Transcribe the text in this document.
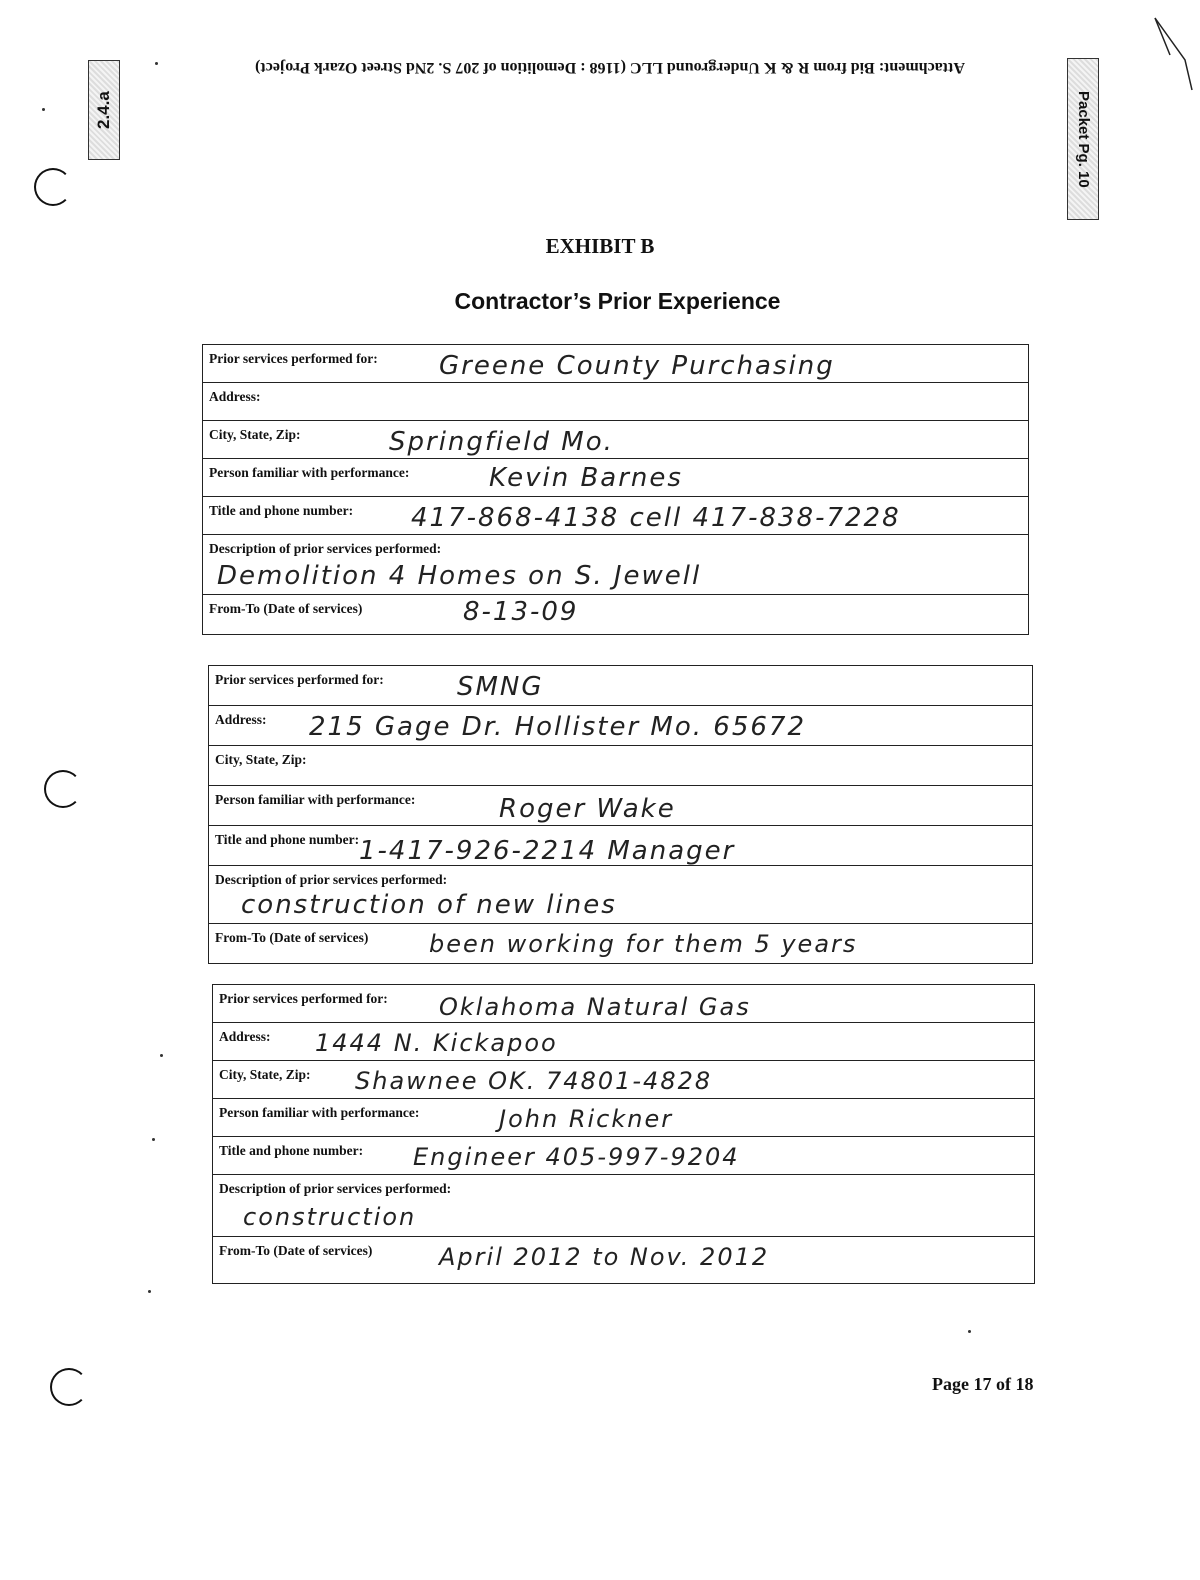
Attachment: Bid from R & K Underground LLC (1168 : Demolition of 207 S. 2Nd Street Ozark Project)
2.4.a	Packet Pg. 10
EXHIBIT B
Contractor’s Prior Experience
Prior services performed for: Greene County Purchasing
Address:
City, State, Zip:	Springfield Mo.
Person familiar with performance:	Kevin Barnes
Title and phone number: 417-868-4138 cell 417-838-7228
Description of prior services performed:
Demolition 4 Homes on S. Jewell
From-To (Date of services)	8-13-09
Prior services performed for:	SMNG
Address: 215 Gage Dr. Hollister Mo. 65672
City, State, Zip:
Person familiar with performance:	Roger Wake
Title and phone number: 1-417-926-2214 Manager
Description of prior services performed:
construction of new lines
From-To (Date of services)	been working for them 5 years
Prior services performed for: Oklahoma Natural Gas
Address: 1444 N. Kickapoo
City, State, Zip: Shawnee OK. 74801-4828
Person familiar with performance:	John Rickner
Title and phone number: Engineer 405-997-9204
Description of prior services performed:
construction
From-To (Date of services)	April 2012 to Nov. 2012
Page 17 of 18
